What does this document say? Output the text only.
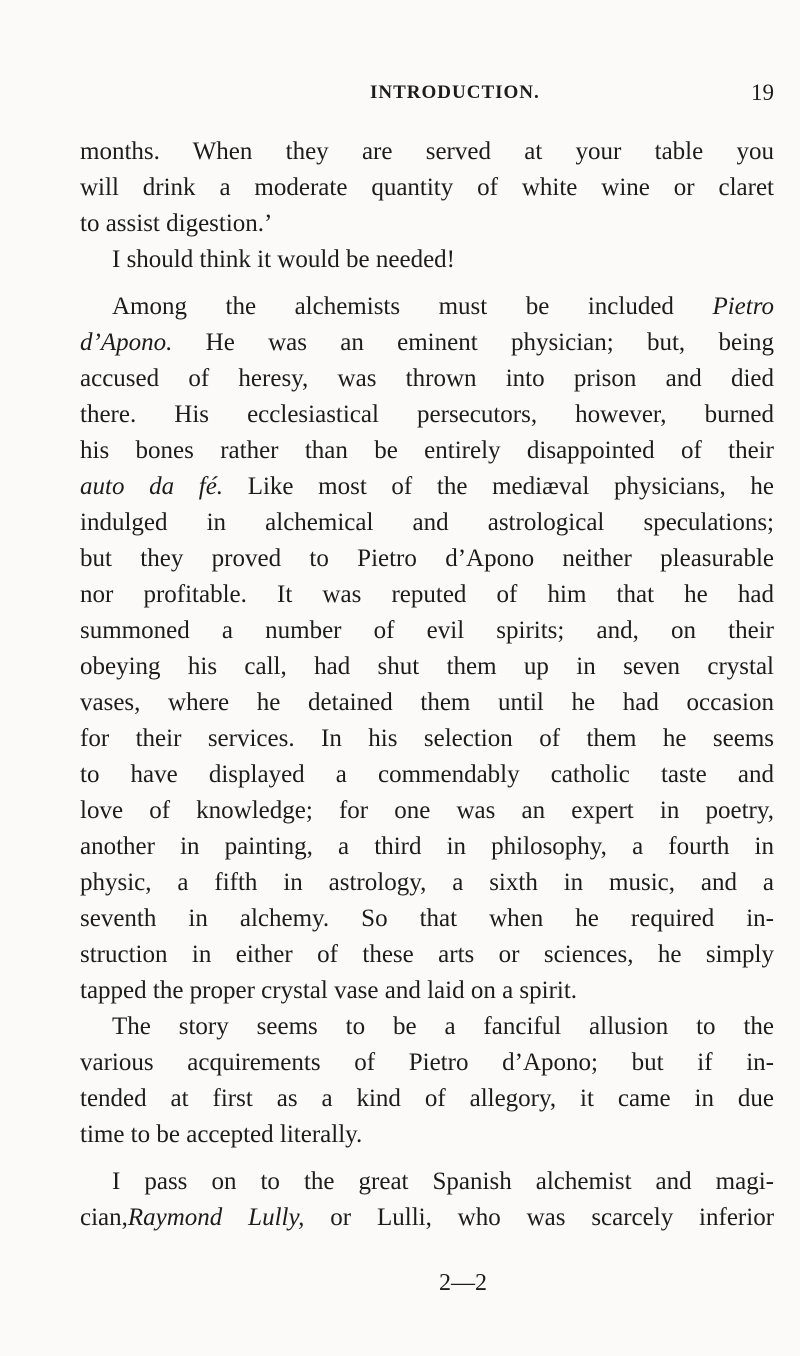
INTRODUCTION.	19
months. When they are served at your table you
will drink a moderate quantity of white wine or claret
to assist digestion.’
I should think it would be needed!
Among the alchemists must be included Pietro
d’Apono. He was an eminent physician; but, being
accused of heresy, was thrown into prison and died
there. His ecclesiastical persecutors, however, burned
his bones rather than be entirely disappointed of their
auto da fé. Like most of the mediæval physicians, he
indulged in alchemical and astrological speculations;
but they proved to Pietro d’Apono neither pleasurable
nor profitable. It was reputed of him that he had
summoned a number of evil spirits; and, on their
obeying his call, had shut them up in seven crystal
vases, where he detained them until he had occasion
for their services. In his selection of them he seems
to have displayed a commendably catholic taste and
love of knowledge; for one was an expert in poetry,
another in painting, a third in philosophy, a fourth in
physic, a fifth in astrology, a sixth in music, and a
seventh in alchemy. So that when he required in-
struction in either of these arts or sciences, he simply
tapped the proper crystal vase and laid on a spirit.
The story seems to be a fanciful allusion to the
various acquirements of Pietro d’Apono; but if in-
tended at first as a kind of allegory, it came in due
time to be accepted literally.
I pass on to the great Spanish alchemist and magi-
cian,Raymond Lully, or Lulli, who was scarcely inferior
2—2
